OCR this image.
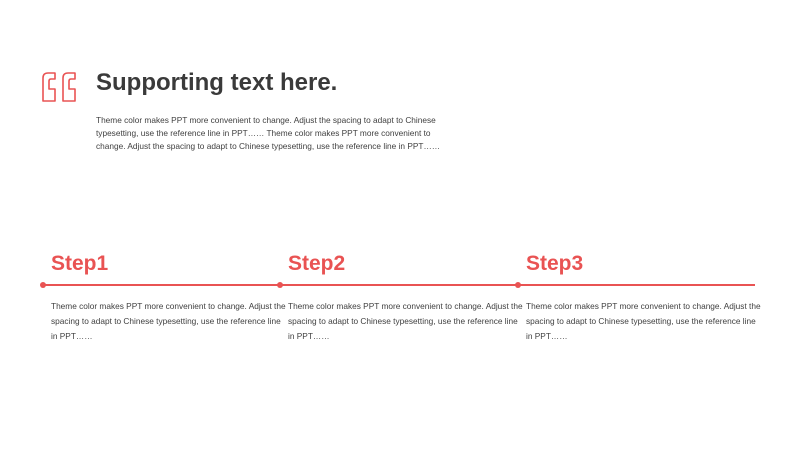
Supporting text here.

Theme color makes PPT more convenient to change. Adjust the spacing to adapt to Chinese typesetting, use the reference line in PPT…… Theme color makes PPT more convenient to change. Adjust the spacing to adapt to Chinese typesetting, use the reference line in PPT……

Step1	Step2	Step3

Theme color makes PPT more convenient to change. Adjust the spacing to adapt to Chinese typesetting, use the reference line in PPT……

Theme color makes PPT more convenient to change. Adjust the spacing to adapt to Chinese typesetting, use the reference line in PPT……

Theme color makes PPT more convenient to change. Adjust the spacing to adapt to Chinese typesetting, use the reference line in PPT……
